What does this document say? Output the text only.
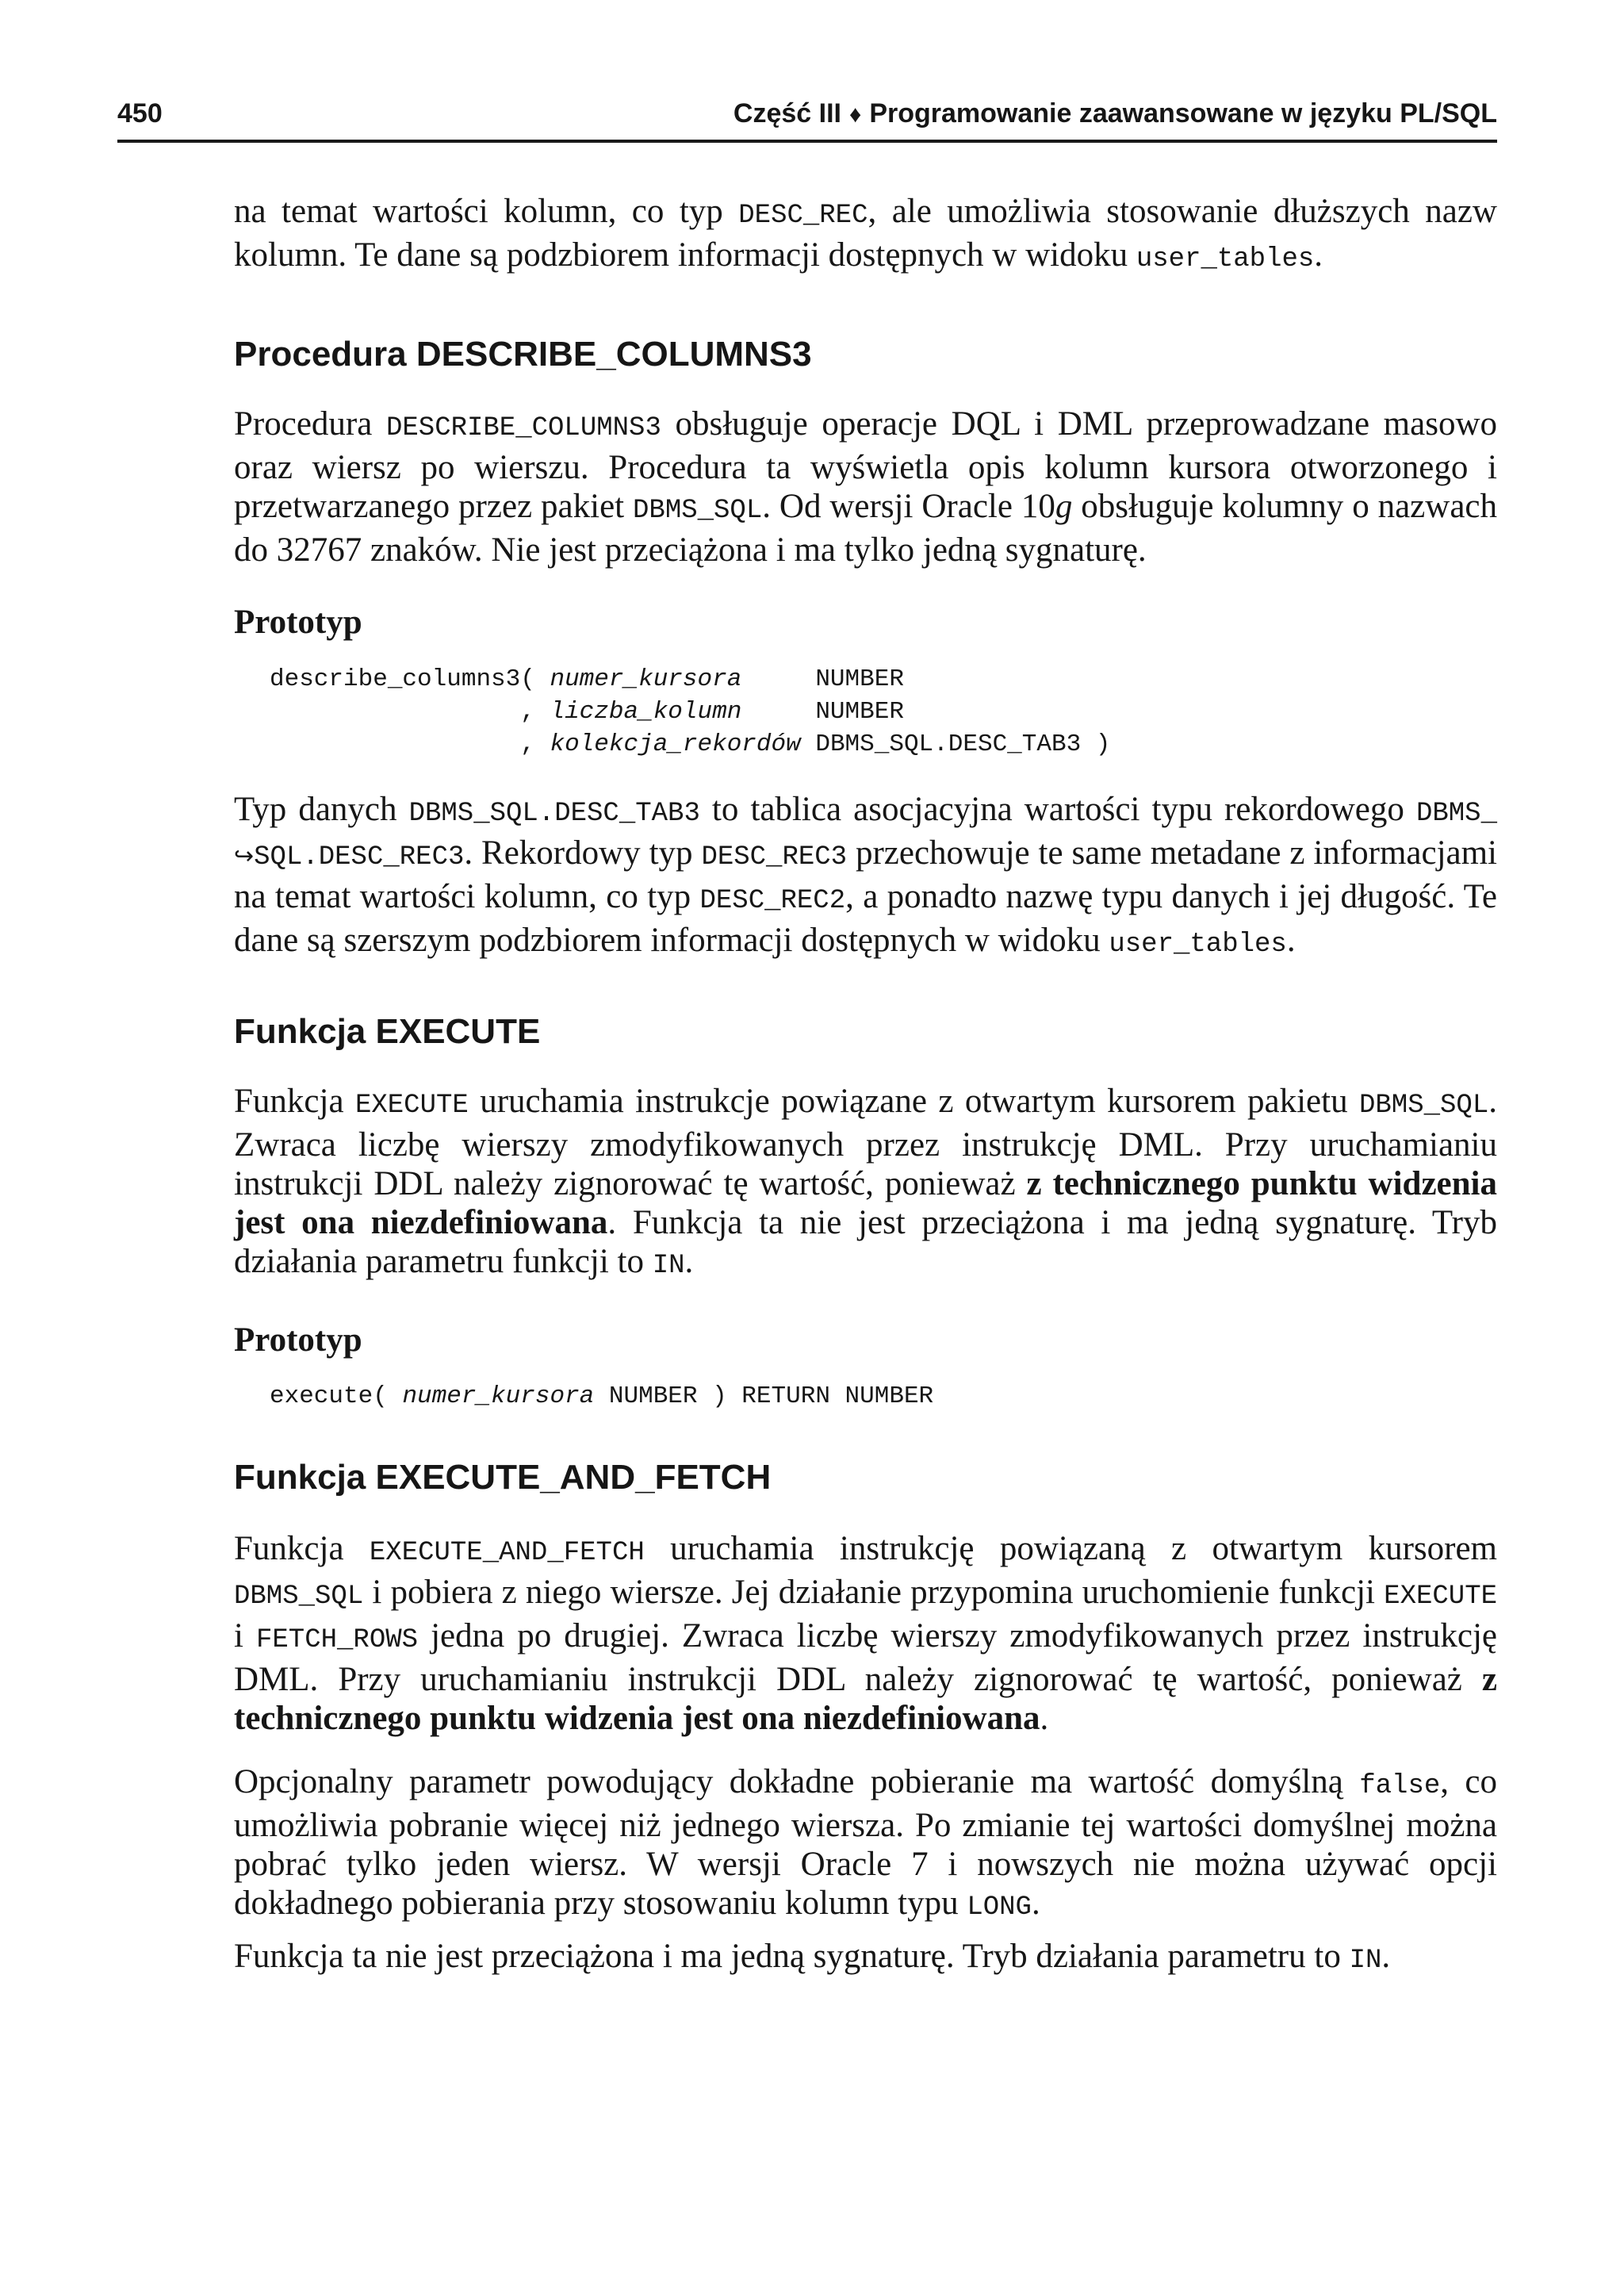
450	Część III ♦ Programowanie zaawansowane w języku PL/SQL

na temat wartości kolumn, co typ DESC_REC, ale umożliwia stosowanie dłuższych nazw kolumn. Te dane są podzbiorem informacji dostępnych w widoku user_tables.

Procedura DESCRIBE_COLUMNS3

Procedura DESCRIBE_COLUMNS3 obsługuje operacje DQL i DML przeprowadzane masowo oraz wiersz po wierszu. Procedura ta wyświetla opis kolumn kursora otworzonego i przetwarzanego przez pakiet DBMS_SQL. Od wersji Oracle 10g obsługuje kolumny o nazwach do 32767 znaków. Nie jest przeciążona i ma tylko jedną sygnaturę.

Prototyp
describe_columns3( numer_kursora     NUMBER
, liczba_kolumn     NUMBER
, kolekcja_rekordów DBMS_SQL.DESC_TAB3 )

Typ danych DBMS_SQL.DESC_TAB3 to tablica asocjacyjna wartości typu rekordowego DBMS_ ↪SQL.DESC_REC3. Rekordowy typ DESC_REC3 przechowuje te same metadane z informacjami na temat wartości kolumn, co typ DESC_REC2, a ponadto nazwę typu danych i jej długość. Te dane są szerszym podzbiorem informacji dostępnych w widoku user_tables.

Funkcja EXECUTE

Funkcja EXECUTE uruchamia instrukcje powiązane z otwartym kursorem pakietu DBMS_SQL. Zwraca liczbę wierszy zmodyfikowanych przez instrukcję DML. Przy uruchamianiu instrukcji DDL należy zignorować tę wartość, ponieważ z technicznego punktu widzenia jest ona niezdefiniowana. Funkcja ta nie jest przeciążona i ma jedną sygnaturę. Tryb działania parametru funkcji to IN.

Prototyp
execute( numer_kursora NUMBER ) RETURN NUMBER
Funkcja EXECUTE_AND_FETCH

Funkcja EXECUTE_AND_FETCH uruchamia instrukcję powiązaną z otwartym kursorem DBMS_SQL i pobiera z niego wiersze. Jej działanie przypomina uruchomienie funkcji EXECUTE i FETCH_ROWS jedna po drugiej. Zwraca liczbę wierszy zmodyfikowanych przez instrukcję DML. Przy uruchamianiu instrukcji DDL należy zignorować tę wartość, ponieważ z technicznego punktu widzenia jest ona niezdefiniowana.

Opcjonalny parametr powodujący dokładne pobieranie ma wartość domyślną false, co umożliwia pobranie więcej niż jednego wiersza. Po zmianie tej wartości domyślnej można pobrać tylko jeden wiersz. W wersji Oracle 7 i nowszych nie można używać opcji dokładnego pobierania przy stosowaniu kolumn typu LONG.

Funkcja ta nie jest przeciążona i ma jedną sygnaturę. Tryb działania parametru to IN.
